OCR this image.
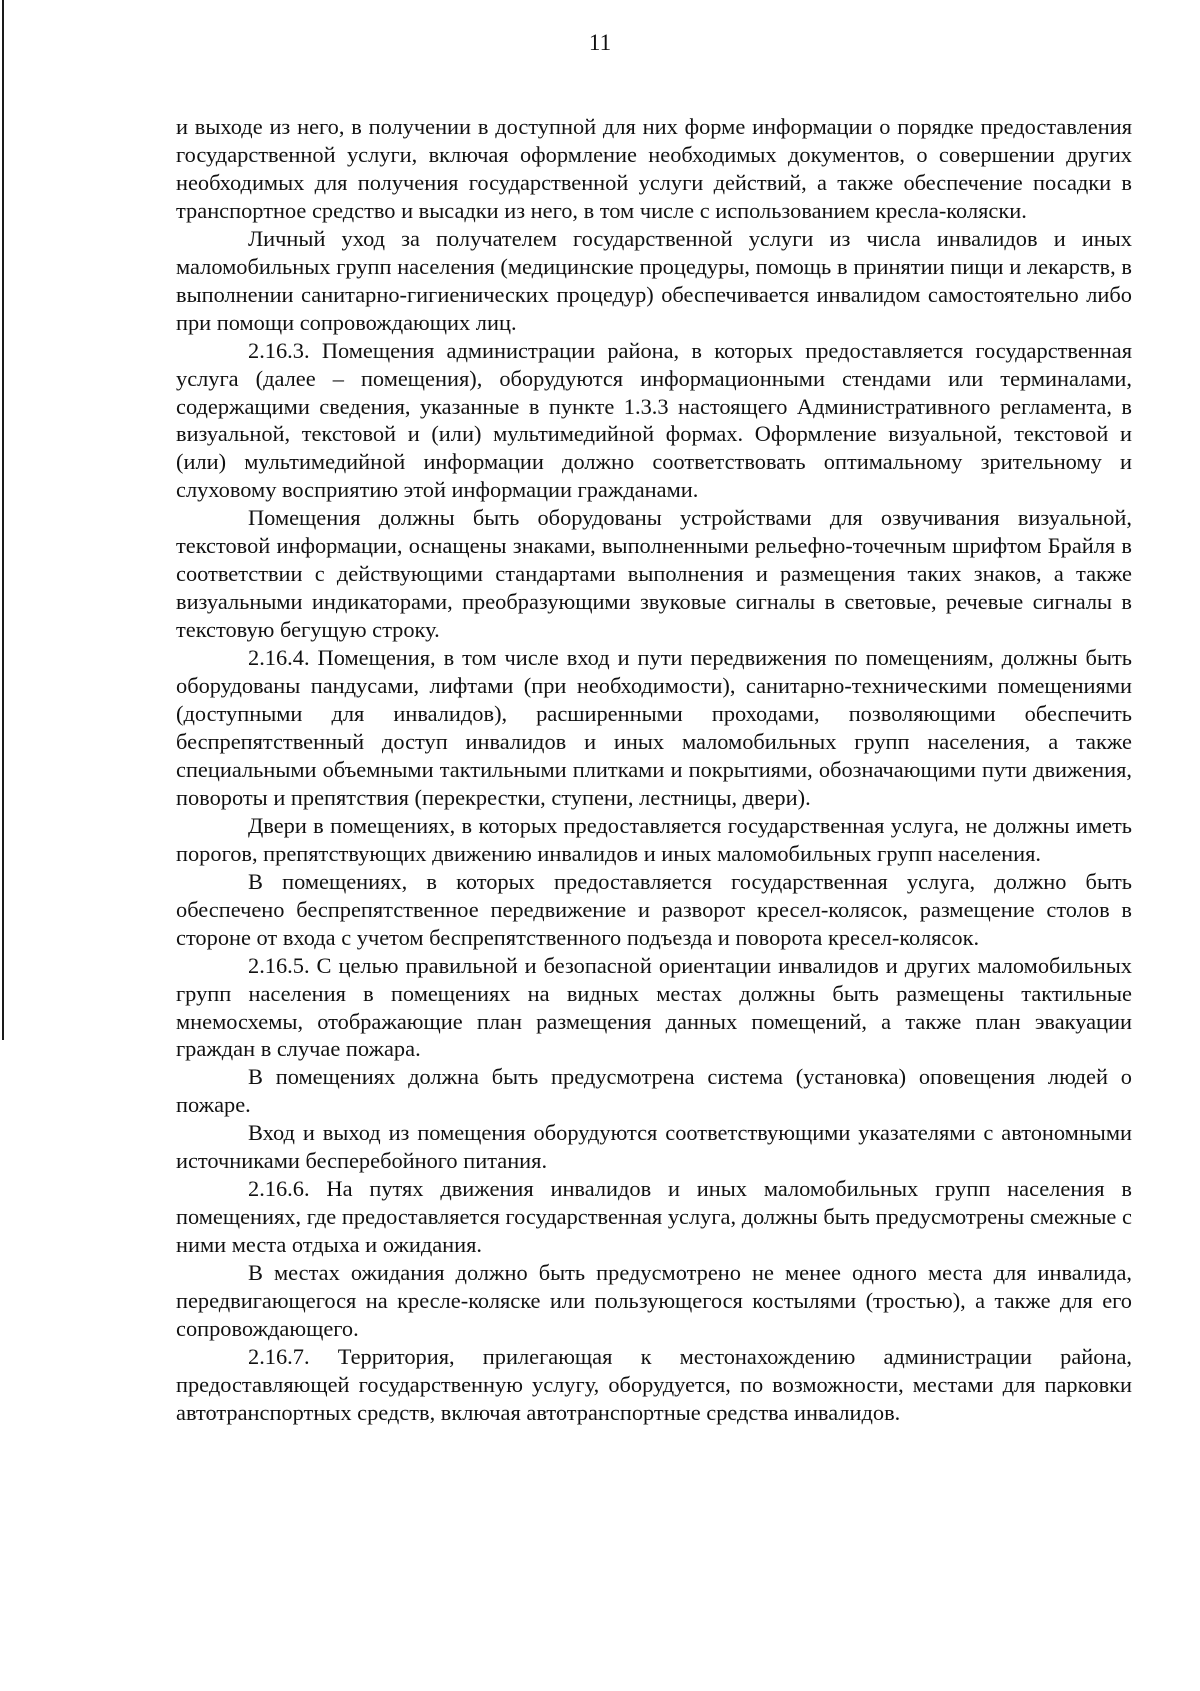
11

и выходе из него, в получении в доступной для них форме информации о порядке предоставления государственной услуги, включая оформление необходимых документов, о совершении других необходимых для получения государственной услуги действий, а также обеспечение посадки в транспортное средство и высадки из него, в том числе с использованием кресла-коляски.

Личный уход за получателем государственной услуги из числа инвалидов и иных маломобильных групп населения (медицинские процедуры, помощь в принятии пищи и лекарств, в выполнении санитарно-гигиенических процедур) обеспечивается инвалидом самостоятельно либо при помощи сопровождающих лиц.

2.16.3. Помещения администрации района, в которых предоставляется государственная услуга (далее – помещения), оборудуются информационными стендами или терминалами, содержащими сведения, указанные в пункте 1.3.3 настоящего Административного регламента, в визуальной, текстовой и (или) мультимедийной формах. Оформление визуальной, текстовой и (или) мультимедийной информации должно соответствовать оптимальному зрительному и слуховому восприятию этой информации гражданами.

Помещения должны быть оборудованы устройствами для озвучивания визуальной, текстовой информации, оснащены знаками, выполненными рельефно-точечным шрифтом Брайля в соответствии с действующими стандартами выполнения и размещения таких знаков, а также визуальными индикаторами, преобразующими звуковые сигналы в световые, речевые сигналы в текстовую бегущую строку.

2.16.4. Помещения, в том числе вход и пути передвижения по помещениям, должны быть оборудованы пандусами, лифтами (при необходимости), санитарно-техническими помещениями (доступными для инвалидов), расширенными проходами, позволяющими обеспечить беспрепятственный доступ инвалидов и иных маломобильных групп населения, а также специальными объемными тактильными плитками и покрытиями, обозначающими пути движения, повороты и препятствия (перекрестки, ступени, лестницы, двери).

Двери в помещениях, в которых предоставляется государственная услуга, не должны иметь порогов, препятствующих движению инвалидов и иных маломобильных групп населения.

В помещениях, в которых предоставляется государственная услуга, должно быть обеспечено беспрепятственное передвижение и разворот кресел-колясок, размещение столов в стороне от входа с учетом беспрепятственного подъезда и поворота кресел-колясок.

2.16.5. С целью правильной и безопасной ориентации инвалидов и других маломобильных групп населения в помещениях на видных местах должны быть размещены тактильные мнемосхемы, отображающие план размещения данных помещений, а также план эвакуации граждан в случае пожара.

В помещениях должна быть предусмотрена система (установка) оповещения людей о пожаре.

Вход и выход из помещения оборудуются соответствующими указателями с автономными источниками бесперебойного питания.

2.16.6. На путях движения инвалидов и иных маломобильных групп населения в помещениях, где предоставляется государственная услуга, должны быть предусмотрены смежные с ними места отдыха и ожидания.

В местах ожидания должно быть предусмотрено не менее одного места для инвалида, передвигающегося на кресле-коляске или пользующегося костылями (тростью), а также для его сопровождающего.

2.16.7. Территория, прилегающая к местонахождению администрации района, предоставляющей государственную услугу, оборудуется, по возможности, местами для парковки автотранспортных средств, включая автотранспортные средства инвалидов.
